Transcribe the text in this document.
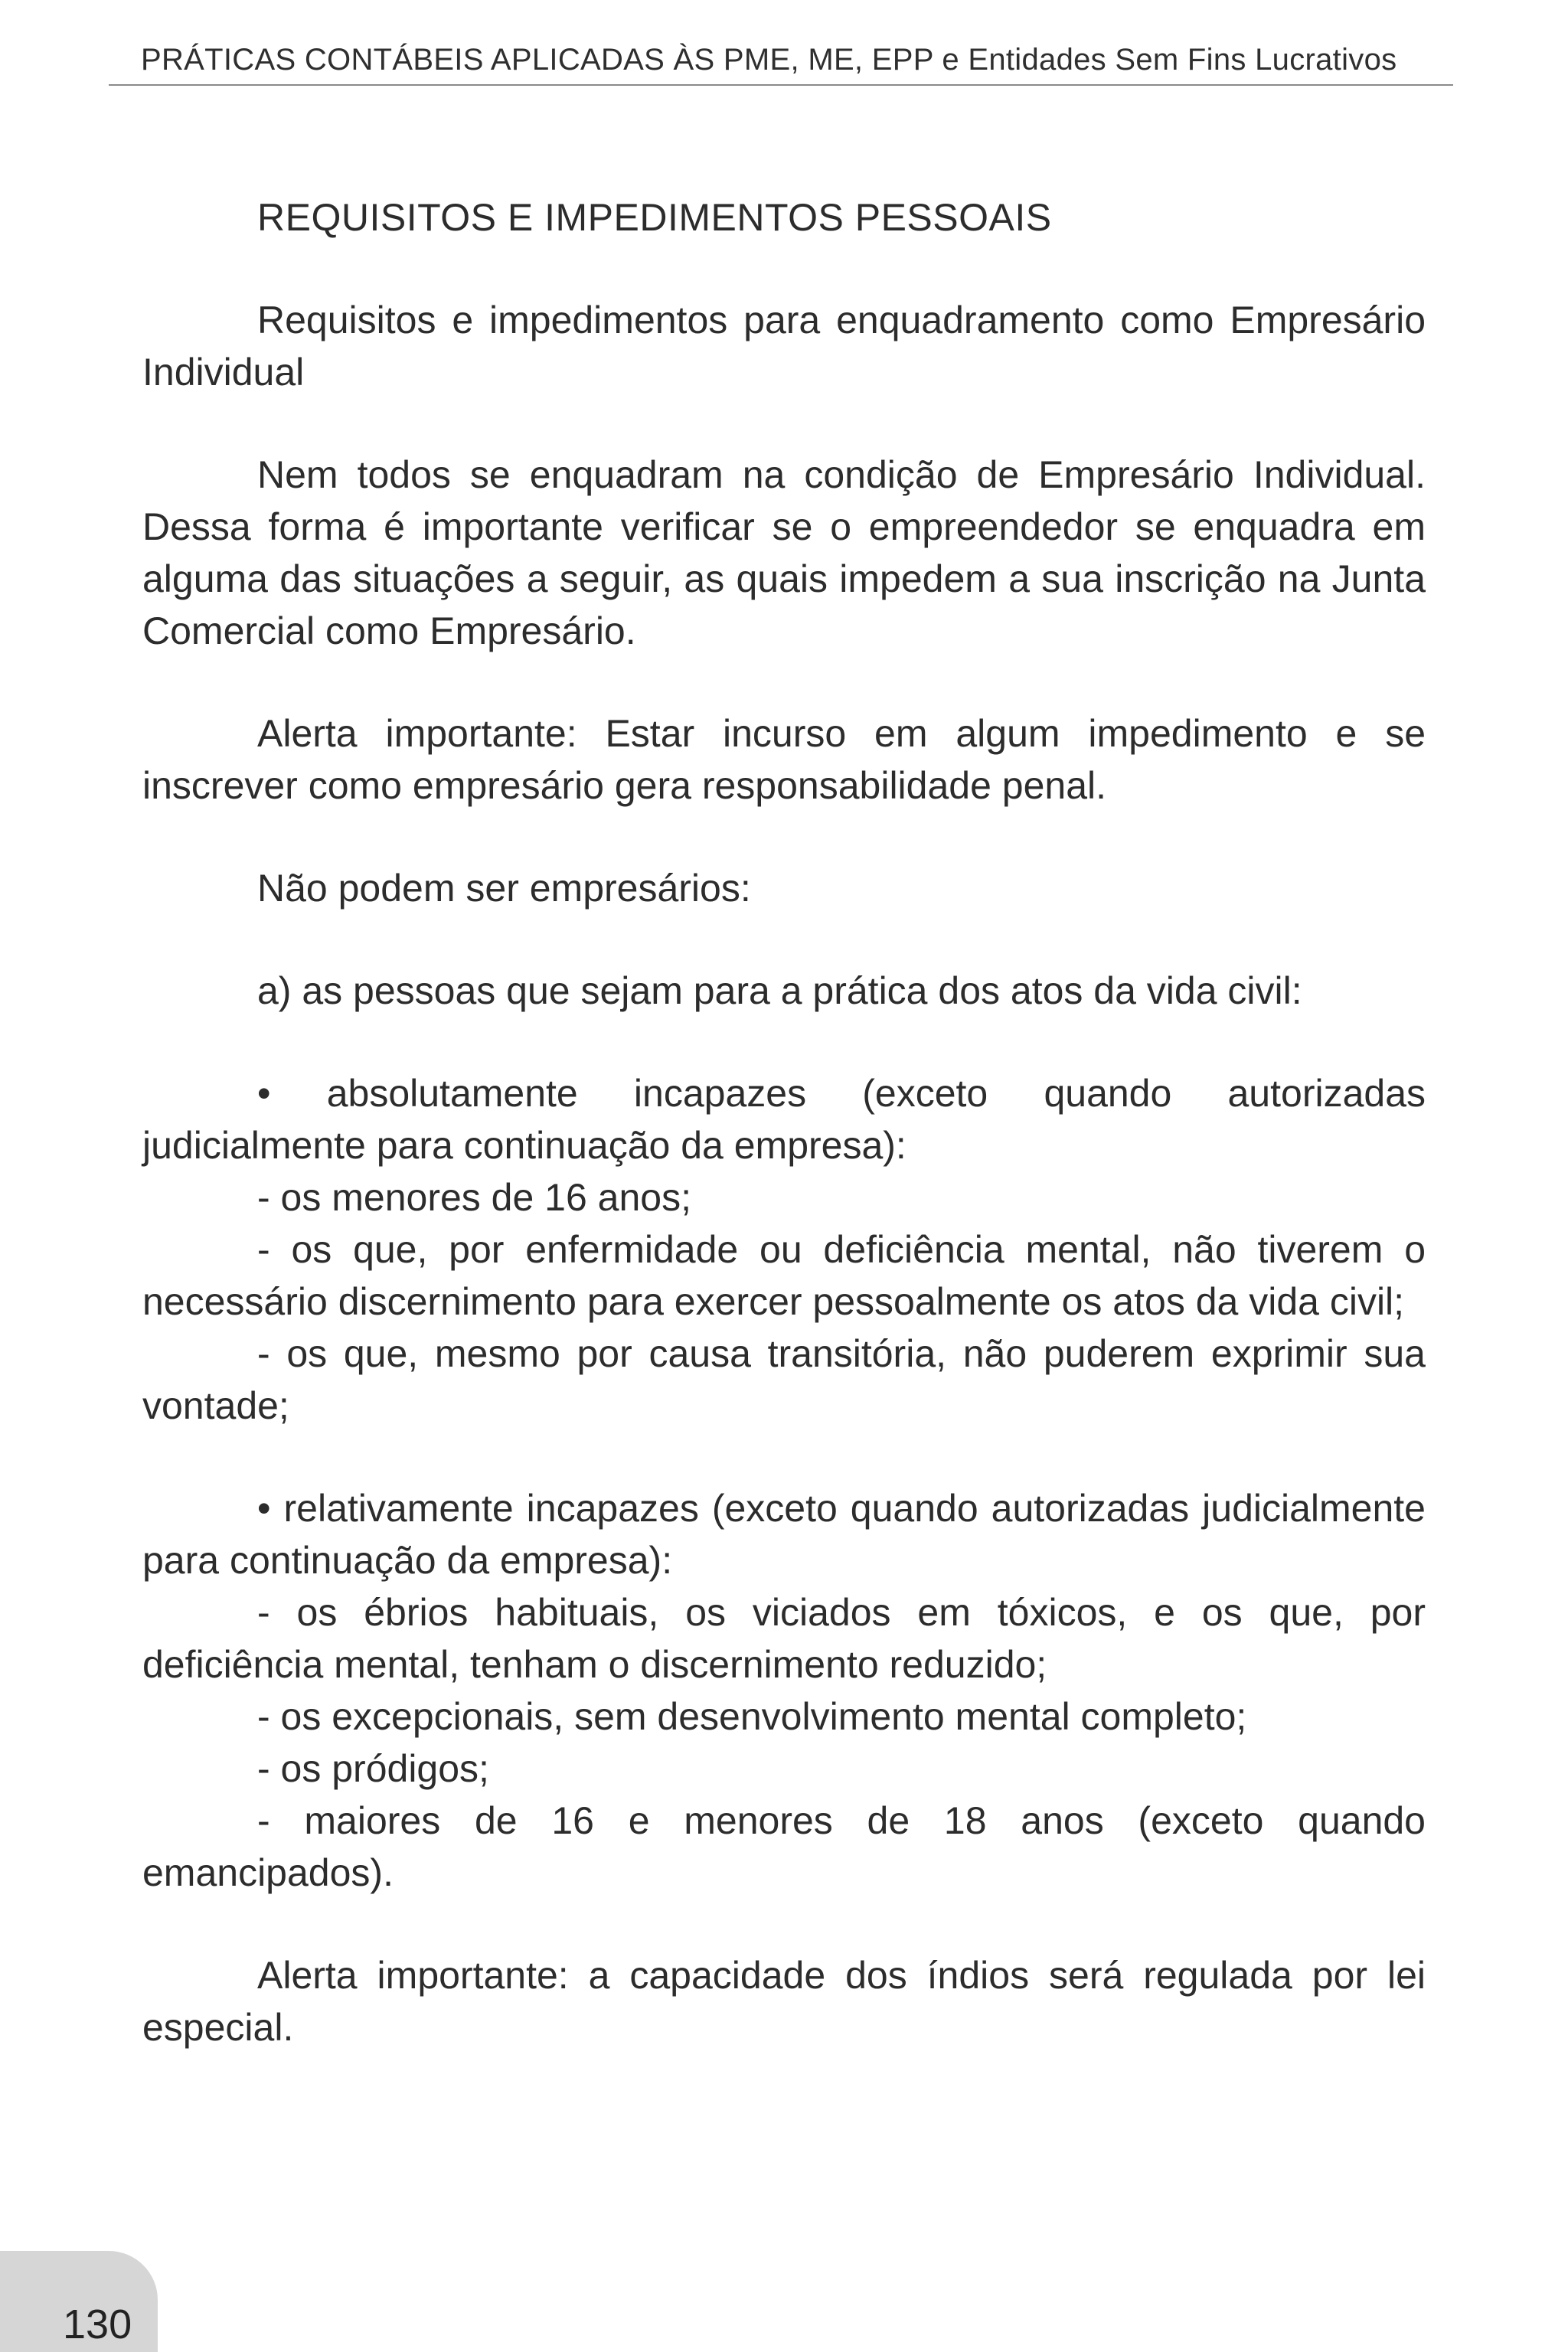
PRÁTICAS CONTÁBEIS APLICADAS ÀS PME, ME, EPP e Entidades Sem Fins Lucrativos
REQUISITOS E IMPEDIMENTOS PESSOAIS

Requisitos e impedimentos para enquadramento como Empresário Individual

Nem todos se enquadram na condição de Empresário Individual. Dessa forma é importante verificar se o empreendedor se enquadra em alguma das situações a seguir, as quais impedem a sua inscrição na Junta Comercial como Empresário.

Alerta importante: Estar incurso em algum impedimento e se inscrever como empresário gera responsabilidade penal.

Não podem ser empresários:

a) as pessoas que sejam para a prática dos atos da vida civil:

• absolutamente incapazes (exceto quando autorizadas judicialmente para continuação da empresa):

- os menores de 16 anos;

- os que, por enfermidade ou deficiência mental, não tiverem o necessário discernimento para exercer pessoalmente os atos da vida civil;

- os que, mesmo por causa transitória, não puderem exprimir sua vontade;

• relativamente incapazes (exceto quando autorizadas judicialmente para continuação da empresa):

- os ébrios habituais, os viciados em tóxicos, e os que, por deficiência mental, tenham o discernimento reduzido;

- os excepcionais, sem desenvolvimento mental completo;

- os pródigos;

- maiores de 16 e menores de 18 anos (exceto quando emancipados).

Alerta importante: a capacidade dos índios será regulada por lei especial.

130
